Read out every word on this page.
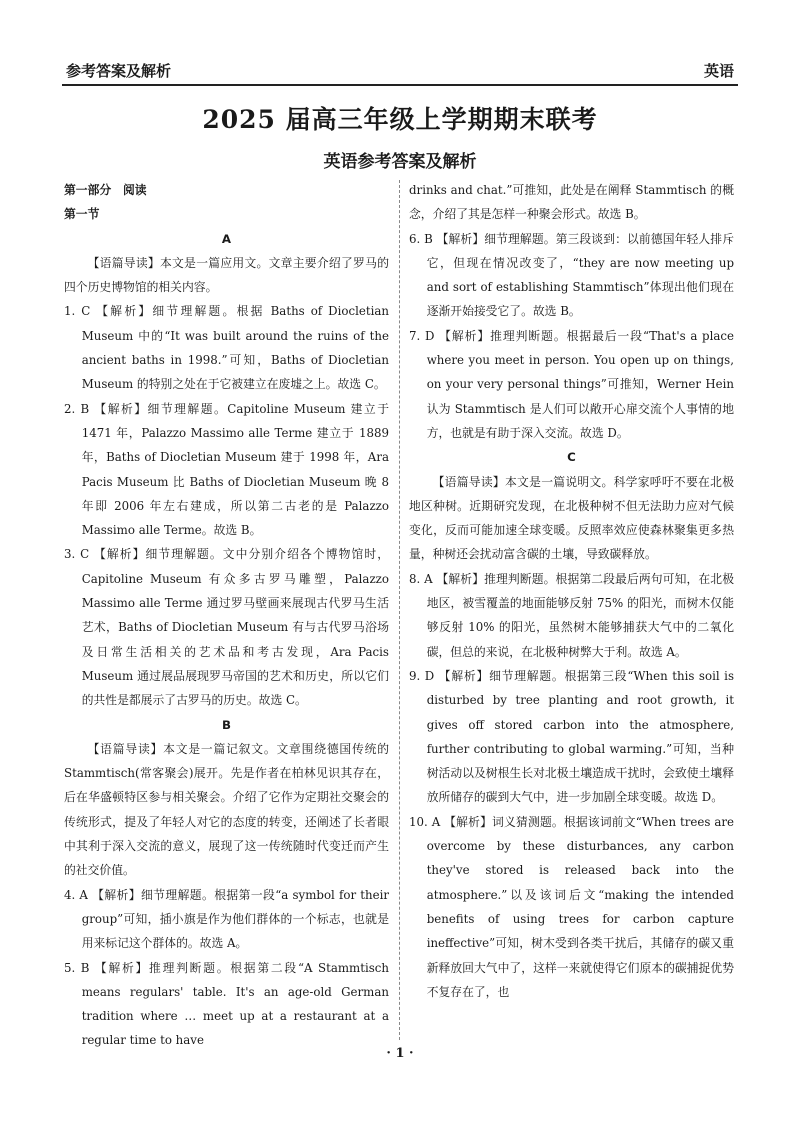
参考答案及解析	英语
2025 届高三年级上学期期末联考
英语参考答案及解析

第一部分　阅读

第一节

A

【语篇导读】本文是一篇应用文。文章主要介绍了罗马的四个历史博物馆的相关内容。

1. C 【解析】细节理解题。根据 Baths of Diocletian Museum 中的“It was built around the ruins of the ancient baths in 1998.”可知，Baths of Diocletian Museum 的特别之处在于它被建立在废墟之上。故选 C。

2. B 【解析】细节理解题。Capitoline Museum 建立于 1471 年，Palazzo Massimo alle Terme 建立于 1889 年，Baths of Diocletian Museum 建于 1998 年，Ara Pacis Museum 比 Baths of Diocletian Museum 晚 8 年即 2006 年左右建成，所以第二古老的是 Palazzo Massimo alle Terme。故选 B。

3. C 【解析】细节理解题。文中分别介绍各个博物馆时，Capitoline Museum 有众多古罗马雕塑，Palazzo Massimo alle Terme 通过罗马壁画来展现古代罗马生活艺术，Baths of Diocletian Museum 有与古代罗马浴场及日常生活相关的艺术品和考古发现，Ara Pacis Museum 通过展品展现罗马帝国的艺术和历史，所以它们的共性是都展示了古罗马的历史。故选 C。

B

【语篇导读】本文是一篇记叙文。文章围绕德国传统的 Stammtisch(常客聚会)展开。先是作者在柏林见识其存在，后在华盛顿特区参与相关聚会。介绍了它作为定期社交聚会的传统形式，提及了年轻人对它的态度的转变，还阐述了长者眼中其利于深入交流的意义，展现了这一传统随时代变迁而产生的社交价值。

4. A 【解析】细节理解题。根据第一段“a symbol for their group”可知，插小旗是作为他们群体的一个标志，也就是用来标记这个群体的。故选 A。

5. B 【解析】推理判断题。根据第二段“A Stammtisch means regulars' table. It's an age-old German tradition where … meet up at a restaurant at a regular time to have

drinks and chat.”可推知，此处是在阐释 Stammtisch 的概念，介绍了其是怎样一种聚会形式。故选 B。

6. B 【解析】细节理解题。第三段谈到：以前德国年轻人排斥它，但现在情况改变了，“they are now meeting up and sort of establishing Stammtisch”体现出他们现在逐渐开始接受它了。故选 B。

7. D 【解析】推理判断题。根据最后一段“That's a place where you meet in person. You open up on things, on your very personal things”可推知，Werner Hein 认为 Stammtisch 是人们可以敞开心扉交流个人事情的地方，也就是有助于深入交流。故选 D。

C

【语篇导读】本文是一篇说明文。科学家呼吁不要在北极地区种树。近期研究发现，在北极种树不但无法助力应对气候变化，反而可能加速全球变暖。反照率效应使森林聚集更多热量，种树还会扰动富含碳的土壤，导致碳释放。

8. A 【解析】推理判断题。根据第二段最后两句可知，在北极地区，被雪覆盖的地面能够反射 75% 的阳光，而树木仅能够反射 10% 的阳光，虽然树木能够捕获大气中的二氧化碳，但总的来说，在北极种树弊大于利。故选 A。

9. D 【解析】细节理解题。根据第三段“When this soil is disturbed by tree planting and root growth, it gives off stored carbon into the atmosphere, further contributing to global warming.”可知，当种树活动以及树根生长对北极土壤造成干扰时，会致使土壤释放所储存的碳到大气中，进一步加剧全球变暖。故选 D。

10. A 【解析】词义猜测题。根据该词前文“When trees are overcome by these disturbances, any carbon they've stored is released back into the atmosphere.”以及该词后文“making the intended benefits of using trees for carbon capture ineffective”可知，树木受到各类干扰后，其储存的碳又重新释放回大气中了，这样一来就使得它们原本的碳捕捉优势不复存在了，也

· 1 ·
